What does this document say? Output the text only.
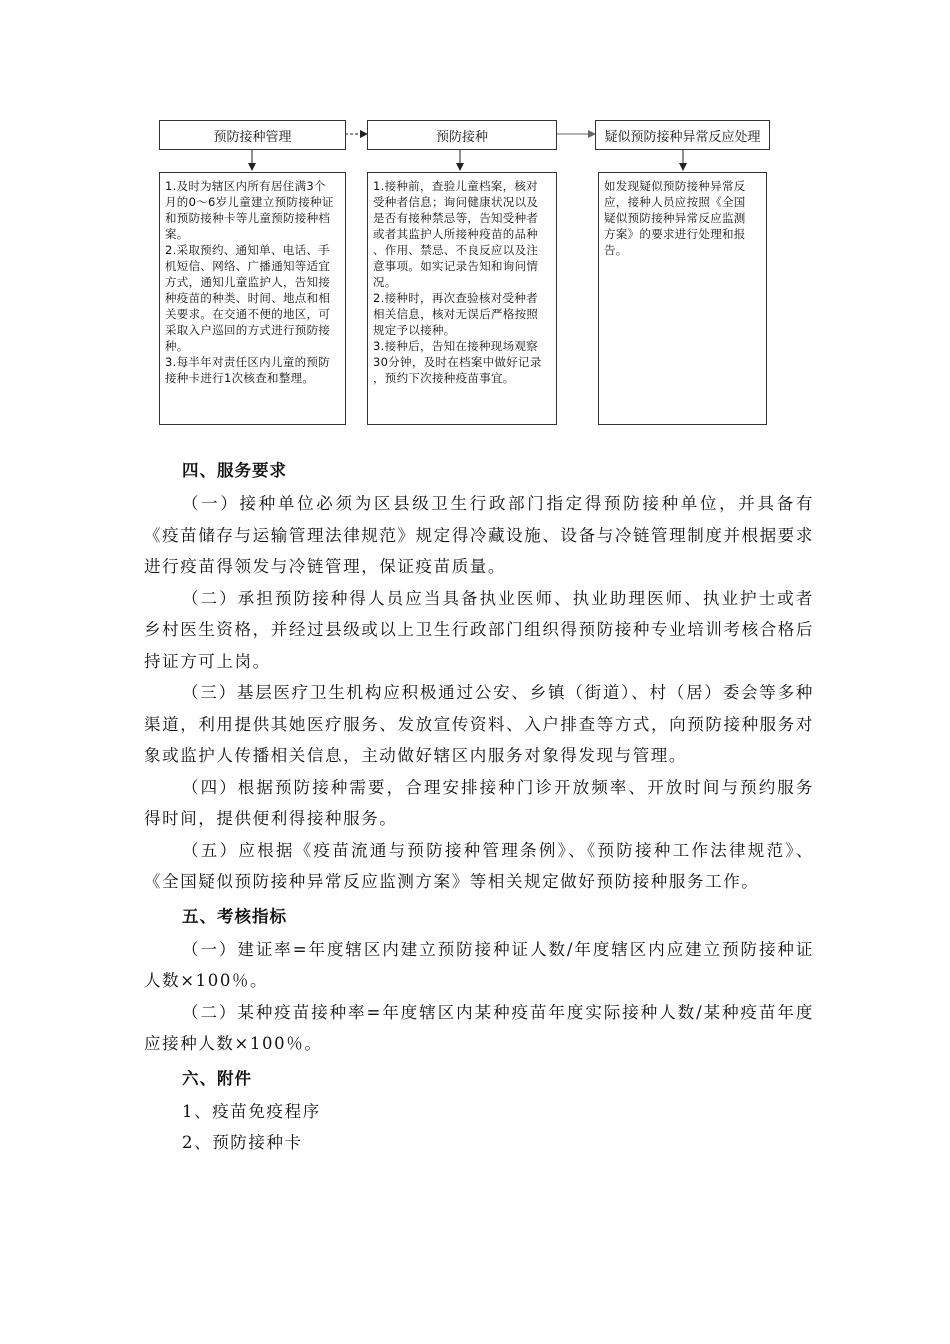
预防接种管理	预防接种	疑似预防接种异常反应处理
1.及时为辖区内所有居住满3个
月的0～6岁儿童建立预防接种证
和预防接种卡等儿童预防接种档
案。
2.采取预约、通知单、电话、手
机短信、网络、广播通知等适宜
方式，通知儿童监护人，告知接
种疫苗的种类、时间、地点和相
关要求。在交通不便的地区，可
采取入户巡回的方式进行预防接
种。
3.每半年对责任区内儿童的预防
接种卡进行1次核查和整理。
1.接种前，查验儿童档案，核对
受种者信息；询问健康状况以及
是否有接种禁忌等，告知受种者
或者其监护人所接种疫苗的品种
、作用、禁忌、不良反应以及注
意事项。如实记录告知和询问情
况。
2.接种时，再次查验核对受种者
相关信息，核对无误后严格按照
规定予以接种。
3.接种后，告知在接种现场观察
30分钟，及时在档案中做好记录
，预约下次接种疫苗事宜。
如发现疑似预防接种异常反
应，接种人员应按照《全国
疑似预防接种异常反应监测
方案》的要求进行处理和报
告。
四、服务要求

（一）接种单位必须为区县级卫生行政部门指定得预防接种单位，并具备有《疫苗储存与运输管理法律规范》规定得冷藏设施、设备与冷链管理制度并根据要求进行疫苗得领发与冷链管理，保证疫苗质量。

（二）承担预防接种得人员应当具备执业医师、执业助理医师、执业护士或者乡村医生资格，并经过县级或以上卫生行政部门组织得预防接种专业培训考核合格后持证方可上岗。

（三）基层医疗卫生机构应积极通过公安、乡镇（街道）、村（居）委会等多种渠道，利用提供其她医疗服务、发放宣传资料、入户排查等方式，向预防接种服务对象或监护人传播相关信息，主动做好辖区内服务对象得发现与管理。

（四）根据预防接种需要，合理安排接种门诊开放频率、开放时间与预约服务得时间，提供便利得接种服务。

（五）应根据《疫苗流通与预防接种管理条例》、《预防接种工作法律规范》、《全国疑似预防接种异常反应监测方案》等相关规定做好预防接种服务工作。

五、考核指标

（一）建证率=年度辖区内建立预防接种证人数/年度辖区内应建立预防接种证人数×100％。

（二）某种疫苗接种率=年度辖区内某种疫苗年度实际接种人数/某种疫苗年度应接种人数×100％。

六、附件
1、疫苗免疫程序
2、预防接种卡
